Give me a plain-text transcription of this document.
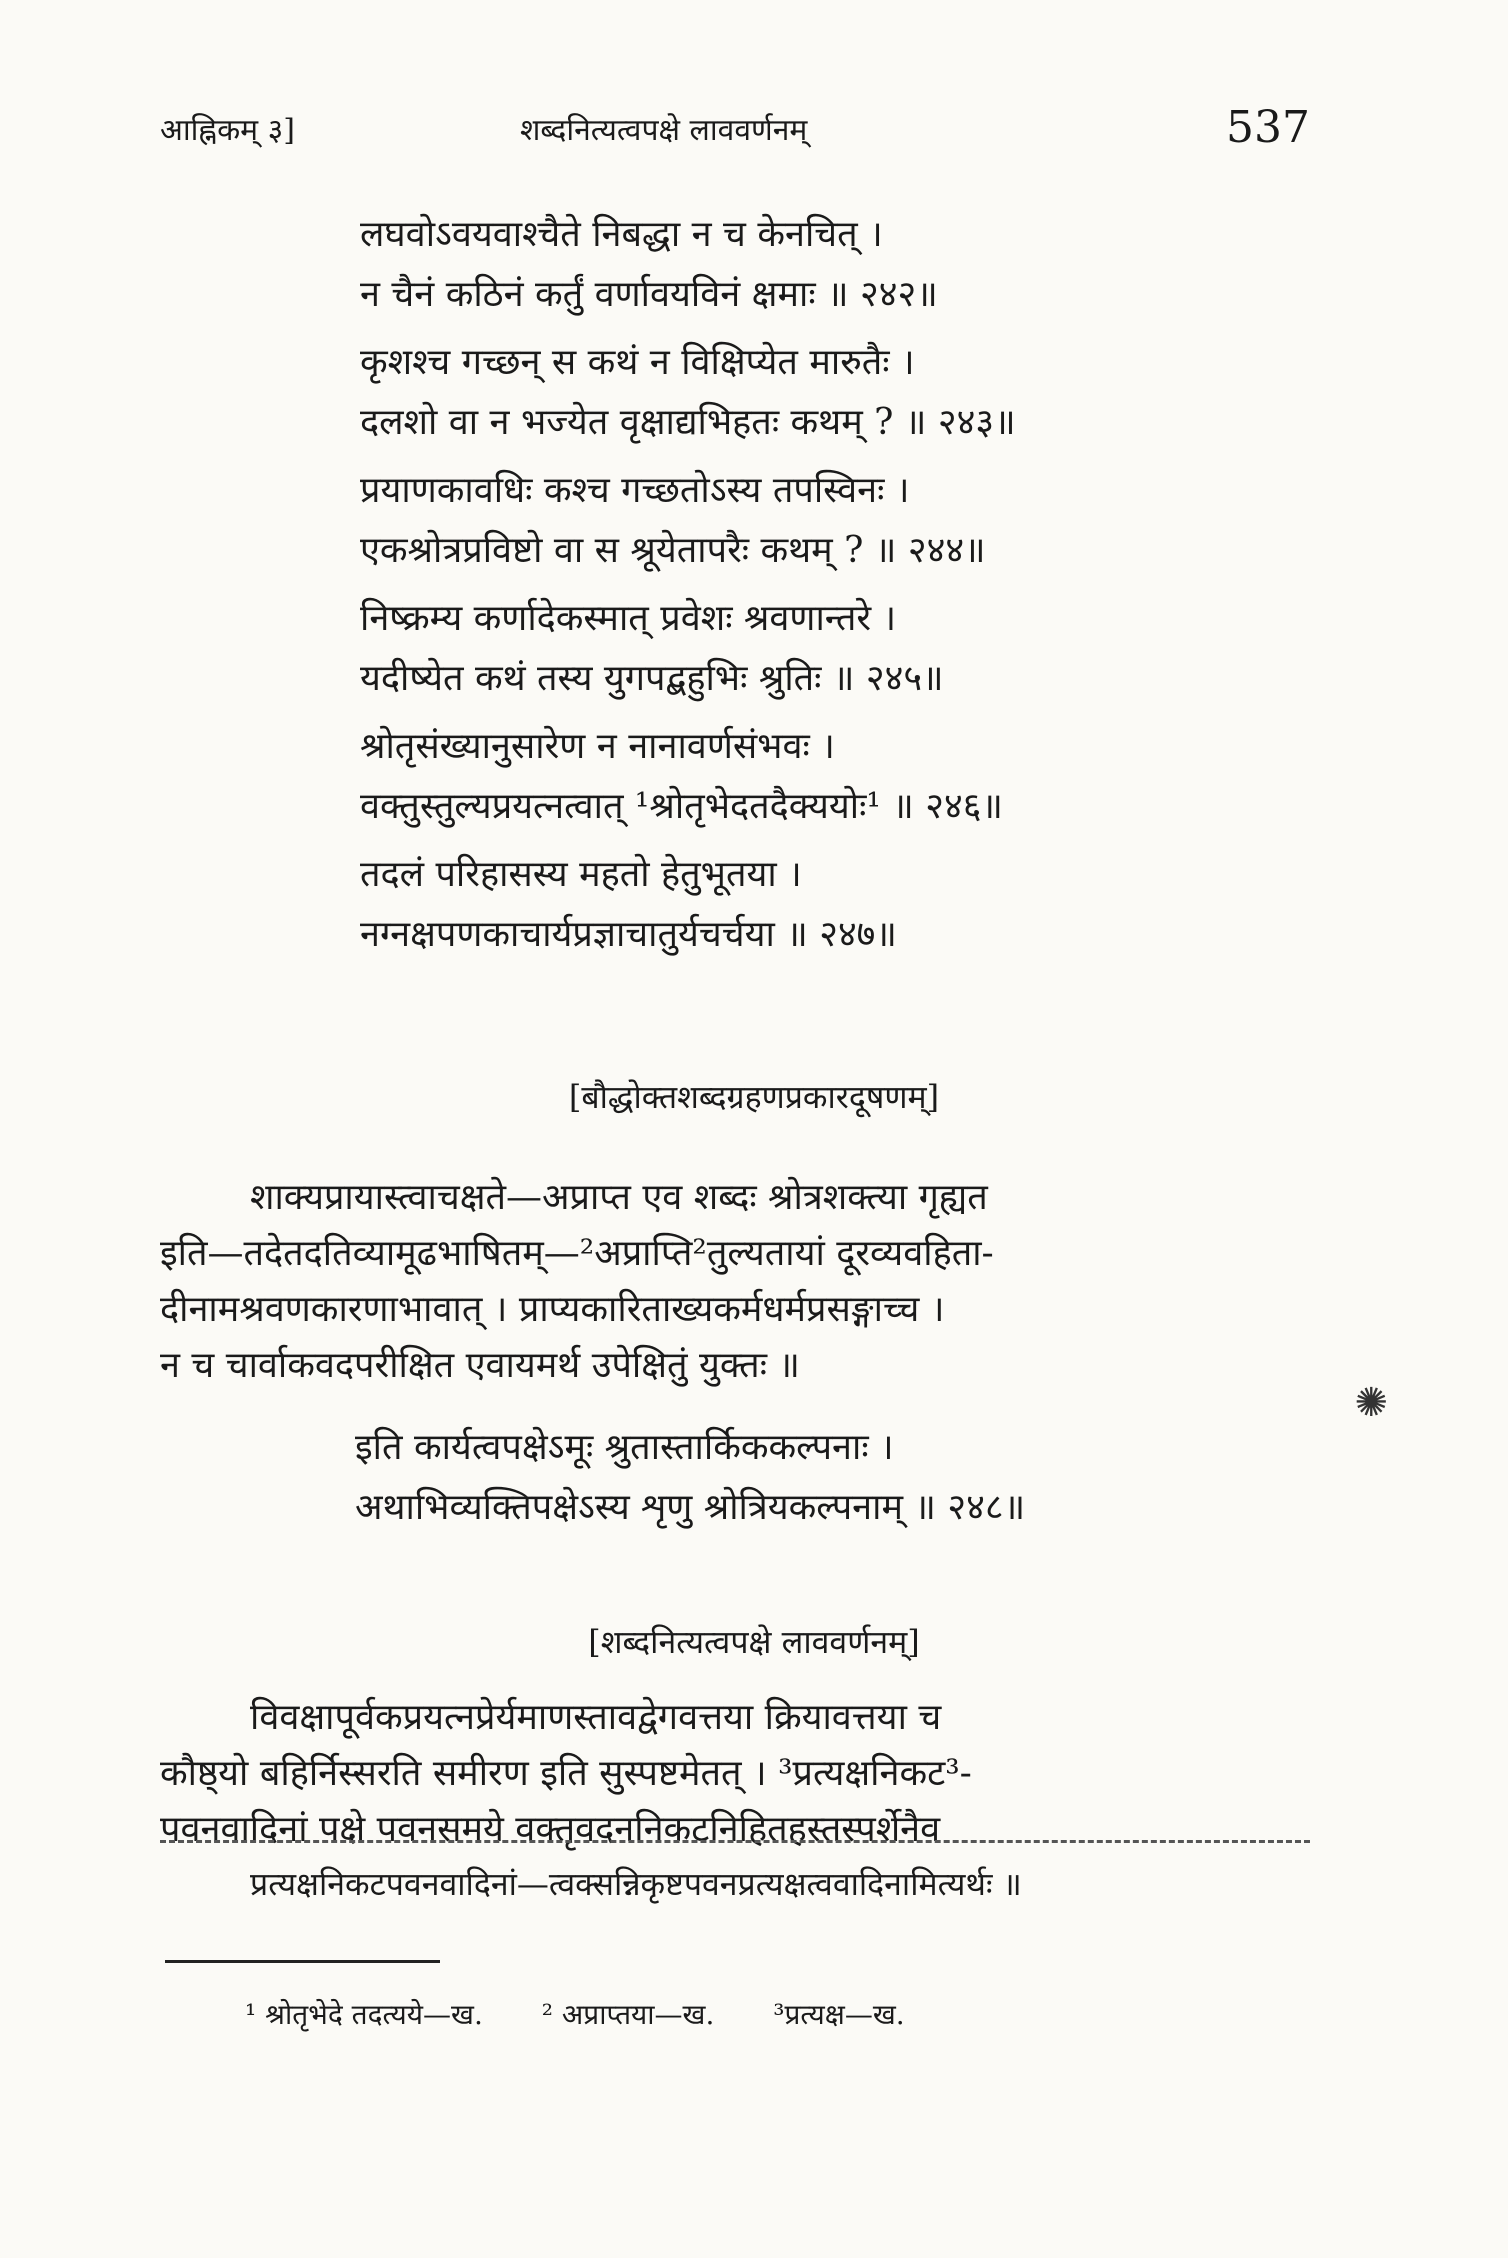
आह्निकम् ३]	शब्दनित्यत्वपक्षे लाववर्णनम्	537
लघवोऽवयवाश्चैते निबद्धा न च केनचित् ।
न चैनं कठिनं कर्तुं वर्णावयविनं क्षमाः ॥ २४२॥
कृशश्च गच्छन् स कथं न विक्षिप्येत मारुतैः ।
दलशो वा न भज्येत वृक्षाद्यभिहतः कथम् ? ॥ २४३॥
प्रयाणकावधिः कश्च गच्छतोऽस्य तपस्विनः ।
एकश्रोत्रप्रविष्टो वा स श्रूयेतापरैः कथम् ? ॥ २४४॥
निष्क्रम्य कर्णादेकस्मात् प्रवेशः श्रवणान्तरे ।
यदीष्येत कथं तस्य युगपद्बहुभिः श्रुतिः ॥ २४५॥
श्रोतृसंख्यानुसारेण न नानावर्णसंभवः ।
वक्तुस्तुल्यप्रयत्नत्वात् ¹श्रोतृभेदतदैक्ययोः¹ ॥ २४६॥
तदलं परिहासस्य महतो हेतुभूतया ।
नग्नक्षपणकाचार्यप्रज्ञाचातुर्यचर्चया ॥ २४७॥
[बौद्धोक्तशब्दग्रहणप्रकारदूषणम्]
शाक्यप्रायास्त्वाचक्षते—अप्राप्त एव शब्दः श्रोत्रशक्त्या गृह्यत
इति—तदेतदतिव्यामूढभाषितम्—²अप्राप्ति²तुल्यतायां दूरव्यवहिता-
दीनामश्रवणकारणाभावात् । प्राप्यकारिताख्यकर्मधर्मप्रसङ्गाच्च ।
न च चार्वाकवदपरीक्षित एवायमर्थ उपेक्षितुं युक्तः ॥
इति कार्यत्वपक्षेऽमूः श्रुतास्तार्किककल्पनाः ।
अथाभिव्यक्तिपक्षेऽस्य शृणु श्रोत्रियकल्पनाम् ॥ २४८॥
[शब्दनित्यत्वपक्षे लाववर्णनम्]
विवक्षापूर्वकप्रयत्नप्रेर्यमाणस्तावद्वेगवत्तया क्रियावत्तया च
कौष्ठ्यो बहिर्निस्सरति समीरण इति सुस्पष्टमेतत् । ³प्रत्यक्षनिकट³-
पवनवादिनां पक्षे पवनसमये वक्तृवदननिकटनिहितहस्तस्पर्शेनैव
प्रत्यक्षनिकटपवनवादिनां—त्वक्सन्निकृष्टपवनप्रत्यक्षत्ववादिनामित्यर्थः ॥
¹ श्रोतृभेदे तदत्यये—ख. ² अप्राप्तया—ख. ³प्रत्यक्ष—ख.
✺
